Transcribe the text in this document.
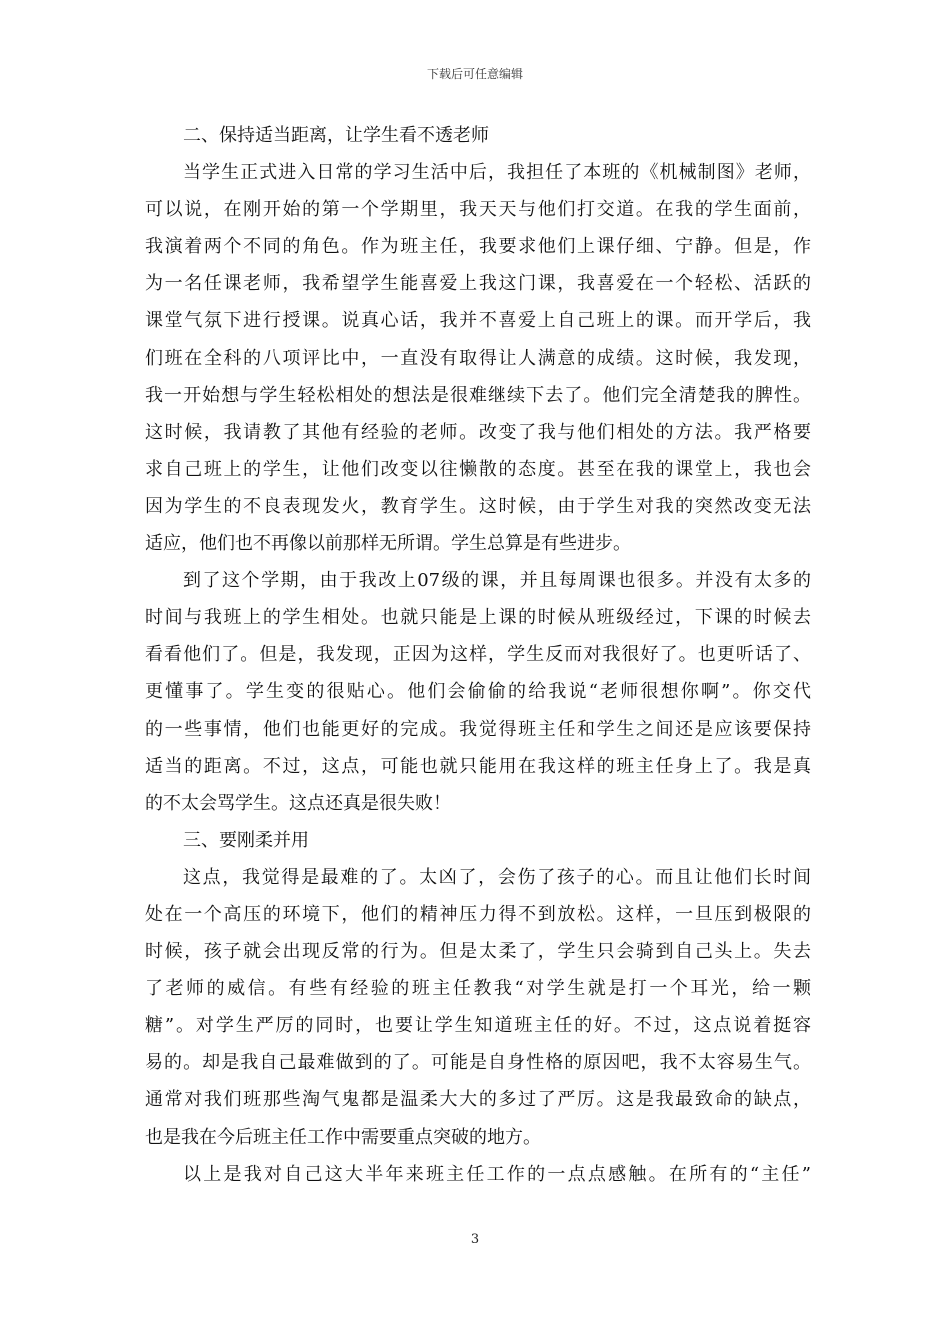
下载后可任意编辑
二、保持适当距离，让学生看不透老师
当学生正式进入日常的学习生活中后，我担任了本班的《机械制图》老师，
可以说，在刚开始的第一个学期里，我天天与他们打交道。在我的学生面前，
我演着两个不同的角色。作为班主任，我要求他们上课仔细、宁静。但是，作
为一名任课老师，我希望学生能喜爱上我这门课，我喜爱在一个轻松、活跃的
课堂气氛下进行授课。说真心话，我并不喜爱上自己班上的课。而开学后，我
们班在全科的八项评比中，一直没有取得让人满意的成绩。这时候，我发现，
我一开始想与学生轻松相处的想法是很难继续下去了。他们完全清楚我的脾性。
这时候，我请教了其他有经验的老师。改变了我与他们相处的方法。我严格要
求自己班上的学生，让他们改变以往懒散的态度。甚至在我的课堂上，我也会
因为学生的不良表现发火，教育学生。这时候，由于学生对我的突然改变无法
适应，他们也不再像以前那样无所谓。学生总算是有些进步。
到了这个学期，由于我改上07级的课，并且每周课也很多。并没有太多的
时间与我班上的学生相处。也就只能是上课的时候从班级经过，下课的时候去
看看他们了。但是，我发现，正因为这样，学生反而对我很好了。也更听话了、
更懂事了。学生变的很贴心。他们会偷偷的给我说“老师很想你啊”。你交代
的一些事情，他们也能更好的完成。我觉得班主任和学生之间还是应该要保持
适当的距离。不过，这点，可能也就只能用在我这样的班主任身上了。我是真
的不太会骂学生。这点还真是很失败！
三、要刚柔并用
这点，我觉得是最难的了。太凶了，会伤了孩子的心。而且让他们长时间
处在一个高压的环境下，他们的精神压力得不到放松。这样，一旦压到极限的
时候，孩子就会出现反常的行为。但是太柔了，学生只会骑到自己头上。失去
了老师的威信。有些有经验的班主任教我“对学生就是打一个耳光，给一颗
糖”。对学生严厉的同时，也要让学生知道班主任的好。不过，这点说着挺容
易的。却是我自己最难做到的了。可能是自身性格的原因吧，我不太容易生气。
通常对我们班那些淘气鬼都是温柔大大的多过了严厉。这是我最致命的缺点，
也是我在今后班主任工作中需要重点突破的地方。
以上是我对自己这大半年来班主任工作的一点点感触。在所有的“主任”
3
